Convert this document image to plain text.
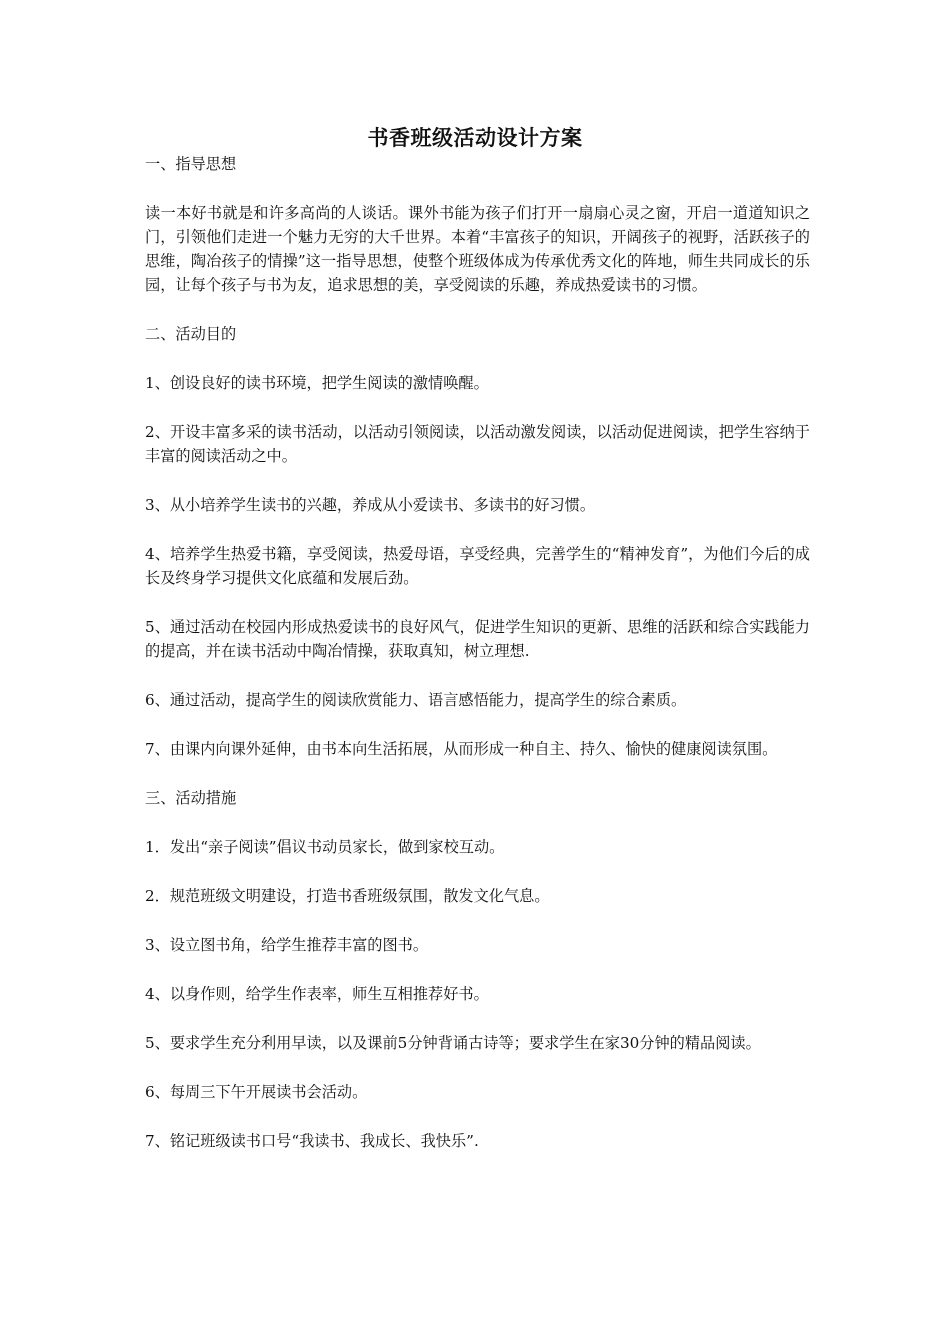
书香班级活动设计方案

一、指导思想

读一本好书就是和许多高尚的人谈话。课外书能为孩子们打开一扇扇心灵之窗，开启一道道知识之门，引领他们走进一个魅力无穷的大千世界。本着“丰富孩子的知识，开阔孩子的视野，活跃孩子的思维，陶冶孩子的情操”这一指导思想，使整个班级体成为传承优秀文化的阵地，师生共同成长的乐园，让每个孩子与书为友，追求思想的美，享受阅读的乐趣，养成热爱读书的习惯。

二、活动目的

1、创设良好的读书环境，把学生阅读的激情唤醒。

2、开设丰富多采的读书活动，以活动引领阅读，以活动激发阅读，以活动促进阅读，把学生容纳于丰富的阅读活动之中。

3、从小培养学生读书的兴趣，养成从小爱读书、多读书的好习惯。

4、培养学生热爱书籍，享受阅读，热爱母语，享受经典，完善学生的“精神发育”，为他们今后的成长及终身学习提供文化底蕴和发展后劲。

5、通过活动在校园内形成热爱读书的良好风气，促进学生知识的更新、思维的活跃和综合实践能力的提高，并在读书活动中陶冶情操，获取真知，树立理想.

6、通过活动，提高学生的阅读欣赏能力、语言感悟能力，提高学生的综合素质。

7、由课内向课外延伸，由书本向生活拓展，从而形成一种自主、持久、愉快的健康阅读氛围。

三、活动措施

1．发出“亲子阅读”倡议书动员家长，做到家校互动。

2．规范班级文明建设，打造书香班级氛围，散发文化气息。

3、设立图书角，给学生推荐丰富的图书。

4、以身作则，给学生作表率，师生互相推荐好书。

5、要求学生充分利用早读，以及课前5分钟背诵古诗等；要求学生在家30分钟的精品阅读。

6、每周三下午开展读书会活动。

7、铭记班级读书口号“我读书、我成长、我快乐”.
